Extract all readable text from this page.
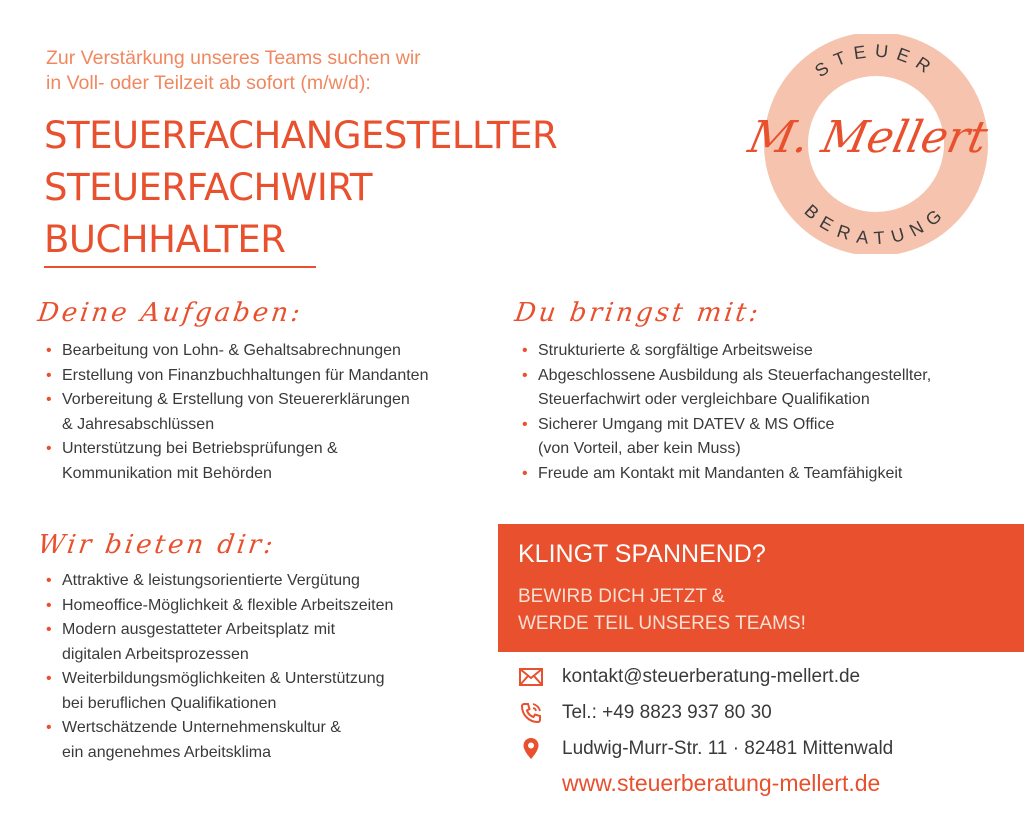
Zur Verstärkung unseres Teams suchen wir
in Voll- oder Teilzeit ab sofort (m/w/d):
STEUERFACHANGESTELLTER
STEUERFACHWIRT
BUCHHALTER
STEUER
BERATUNG
M. Mellert
Deine Aufgaben:
• Bearbeitung von Lohn- & Gehaltsabrechnungen
• Erstellung von Finanzbuchhaltungen für Mandanten
• Vorbereitung & Erstellung von Steuererklärungen
& Jahresabschlüssen
• Unterstützung bei Betriebsprüfungen &
Kommunikation mit Behörden
Du bringst mit:
• Strukturierte & sorgfältige Arbeitsweise
• Abgeschlossene Ausbildung als Steuerfachangestellter,
Steuerfachwirt oder vergleichbare Qualifikation
• Sicherer Umgang mit DATEV & MS Office
(von Vorteil, aber kein Muss)
• Freude am Kontakt mit Mandanten & Teamfähigkeit
Wir bieten dir:
• Attraktive & leistungsorientierte Vergütung
• Homeoffice-Möglichkeit & flexible Arbeitszeiten
• Modern ausgestatteter Arbeitsplatz mit
digitalen Arbeitsprozessen
• Weiterbildungsmöglichkeiten & Unterstützung
bei beruflichen Qualifikationen
• Wertschätzende Unternehmenskultur &
ein angenehmes Arbeitsklima
KLINGT SPANNEND?
BEWIRB DICH JETZT &
WERDE TEIL UNSERES TEAMS!
kontakt@steuerberatung-mellert.de
Tel.: +49 8823 937 80 30
Ludwig-Murr-Str. 11 · 82481 Mittenwald
www.steuerberatung-mellert.de
